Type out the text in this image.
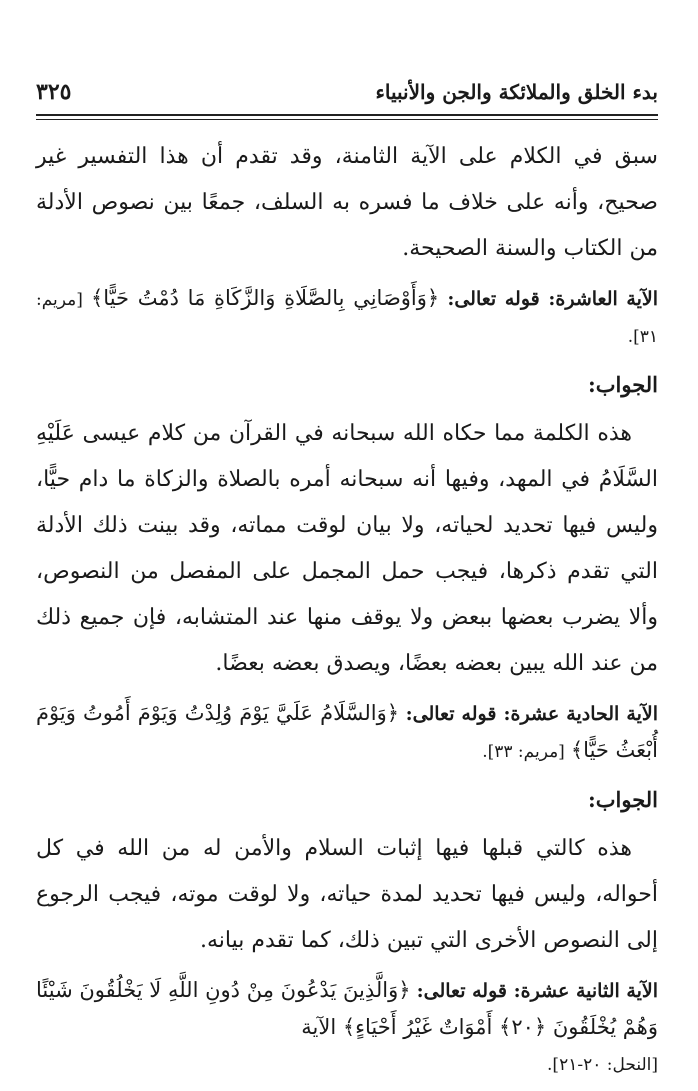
بدء الخلق والملائكة والجن والأنبياء
٣٢٥

سبق في الكلام على الآية الثامنة، وقد تقدم أن هذا التفسير غير صحيح، وأنه على خلاف ما فسره به السلف، جمعًا بين نصوص الأدلة من الكتاب والسنة الصحيحة.

الآية العاشرة: قوله تعالى: ﴿وَأَوْصَانِي بِالصَّلَاةِ وَالزَّكَاةِ مَا دُمْتُ حَيًّا﴾ [مريم: ٣١].

الجواب:

هذه الكلمة مما حكاه الله سبحانه في القرآن من كلام عيسى عَلَيْهِ السَّلَامُ في المهد، وفيها أنه سبحانه أمره بالصلاة والزكاة ما دام حيًّا، وليس فيها تحديد لحياته، ولا بيان لوقت مماته، وقد بينت ذلك الأدلة التي تقدم ذكرها، فيجب حمل المجمل على المفصل من النصوص، وألا يضرب بعضها ببعض ولا يوقف منها عند المتشابه، فإن جميع ذلك من عند الله يبين بعضه بعضًا، ويصدق بعضه بعضًا.

الآية الحادية عشرة: قوله تعالى: ﴿وَالسَّلَامُ عَلَيَّ يَوْمَ وُلِدْتُ وَيَوْمَ أَمُوتُ وَيَوْمَ أُبْعَثُ حَيًّا﴾ [مريم: ٣٣].

الجواب:

هذه كالتي قبلها فيها إثبات السلام والأمن له من الله في كل أحواله، وليس فيها تحديد لمدة حياته، ولا لوقت موته، فيجب الرجوع إلى النصوص الأخرى التي تبين ذلك، كما تقدم بيانه.

الآية الثانية عشرة: قوله تعالى: ﴿وَالَّذِينَ يَدْعُونَ مِنْ دُونِ اللَّهِ لَا يَخْلُقُونَ شَيْئًا وَهُمْ يُخْلَقُونَ ﴿٢٠﴾ أَمْوَاتٌ غَيْرُ أَحْيَاءٍ﴾ الآية

[النحل: ٢٠-٢١].
